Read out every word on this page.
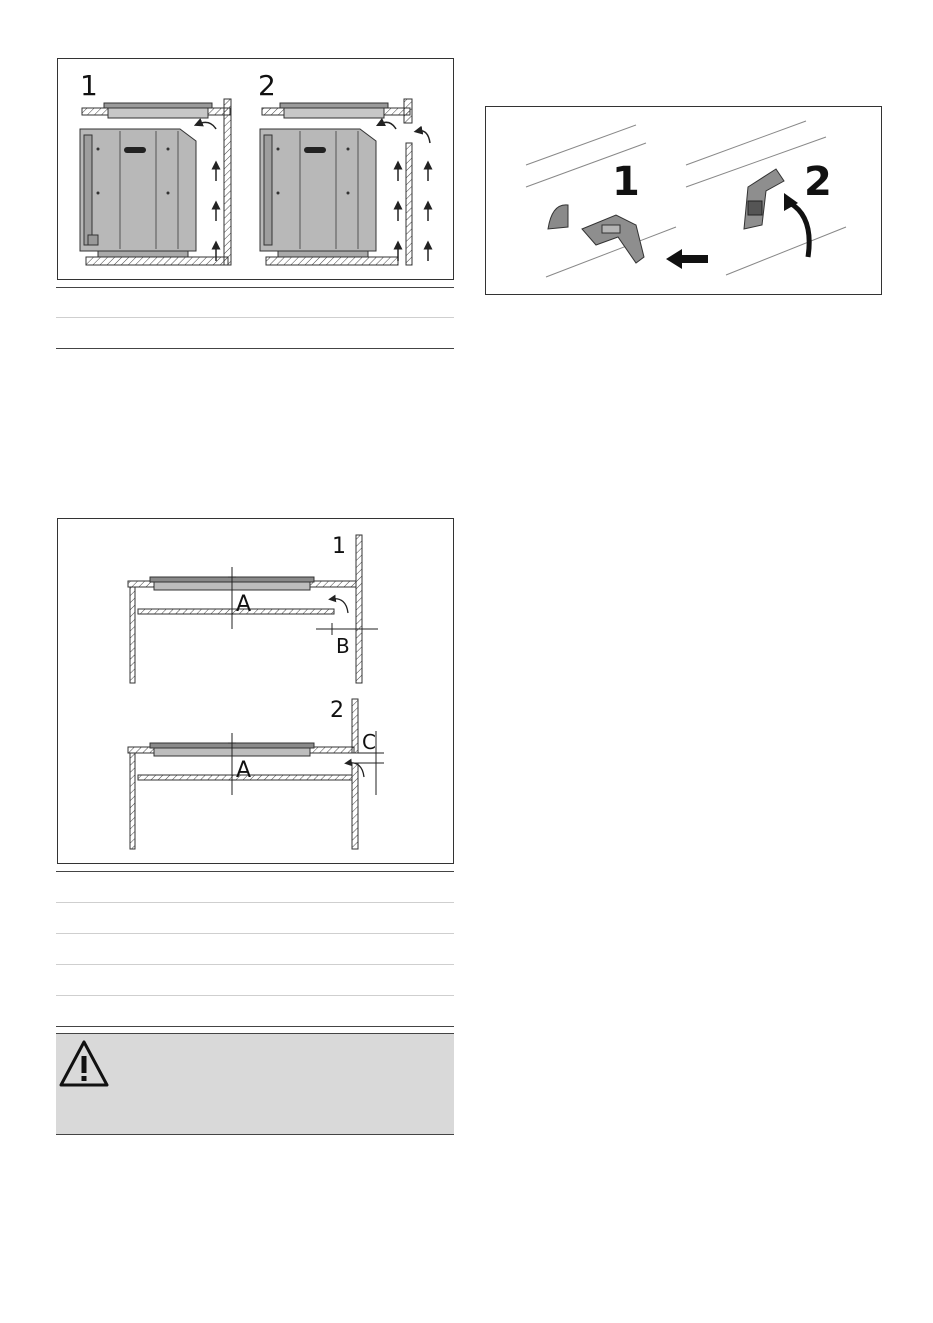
1	2
1	2
1
A
B
2
A
C
